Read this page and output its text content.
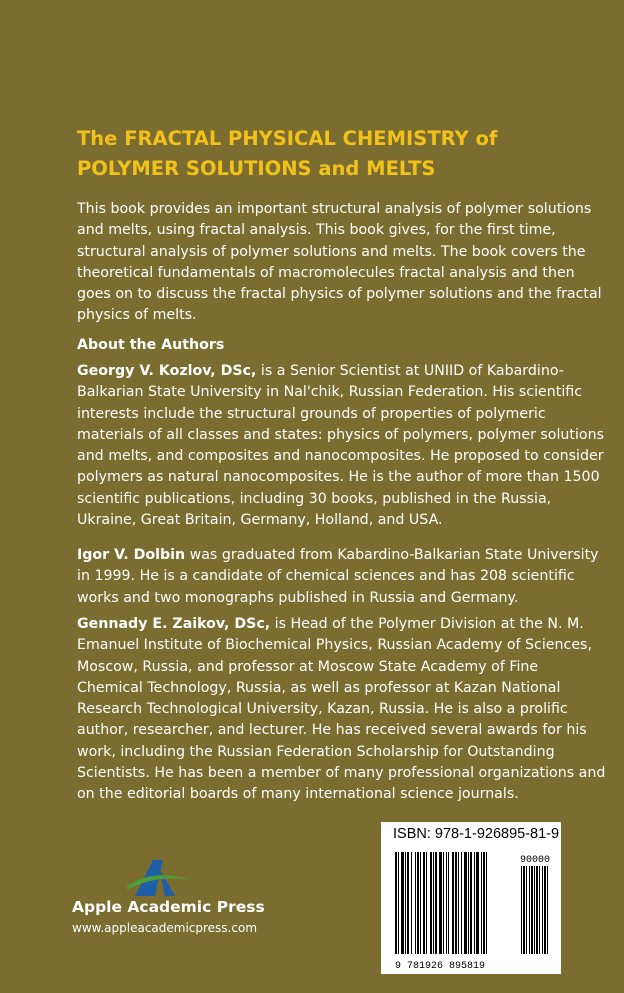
The FRACTAL PHYSICAL CHEMISTRY of
POLYMER SOLUTIONS and MELTS

This book provides an important structural analysis of polymer solutions and melts, using fractal analysis. This book gives, for the first time, structural analysis of polymer solutions and melts. The book covers the theoretical fundamentals of macromolecules fractal analysis and then goes on to discuss the fractal physics of polymer solutions and the fractal physics of melts.

About the Authors

Georgy V. Kozlov, DSc, is a Senior Scientist at UNIID of Kabardino-Balkarian State University in Nal'chik, Russian Federation. His scientific interests include the structural grounds of properties of polymeric materials of all classes and states: physics of polymers, polymer solutions and melts, and composites and nanocomposites. He proposed to consider polymers as natural nanocomposites. He is the author of more than 1500 scientific publications, including 30 books, published in the Russia, Ukraine, Great Britain, Germany, Holland, and USA.

Igor V. Dolbin was graduated from Kabardino-Balkarian State University in 1999. He is a candidate of chemical sciences and has 208 scientific works and two monographs published in Russia and Germany.

Gennady E. Zaikov, DSc, is Head of the Polymer Division at the N. M. Emanuel Institute of Biochemical Physics, Russian Academy of Sciences, Moscow, Russia, and professor at Moscow State Academy of Fine Chemical Technology, Russia, as well as professor at Kazan National Research Technological University, Kazan, Russia. He is also a prolific author, researcher, and lecturer. He has received several awards for his work, including the Russian Federation Scholarship for Outstanding Scientists. He has been a member of many professional organizations and on the editorial boards of many international science journals.

Apple Academic Press
www.appleacademicpress.com
ISBN: 978-1-926895-81-9
90000
9 781926 895819
